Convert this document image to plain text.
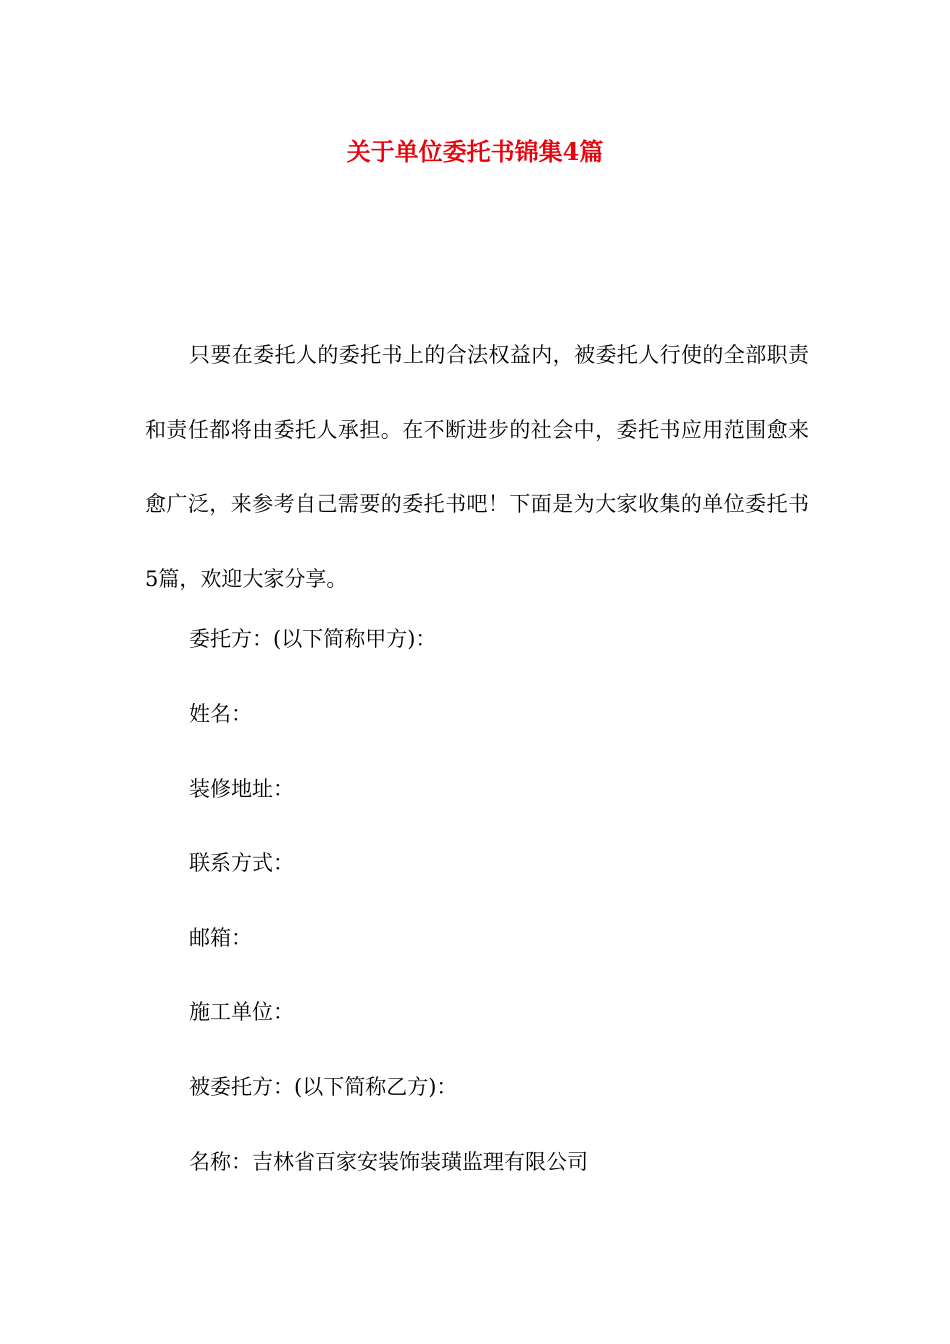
关于单位委托书锦集4篇

只要在委托人的委托书上的合法权益内，被委托人行使的全部职责和责任都将由委托人承担。在不断进步的社会中，委托书应用范围愈来愈广泛，来参考自己需要的委托书吧！下面是为大家收集的单位委托书5篇，欢迎大家分享。

委托方：(以下简称甲方)：

姓名：

装修地址：

联系方式：

邮箱：

施工单位：

被委托方：(以下简称乙方)：

名称：吉林省百家安装饰装璜监理有限公司
